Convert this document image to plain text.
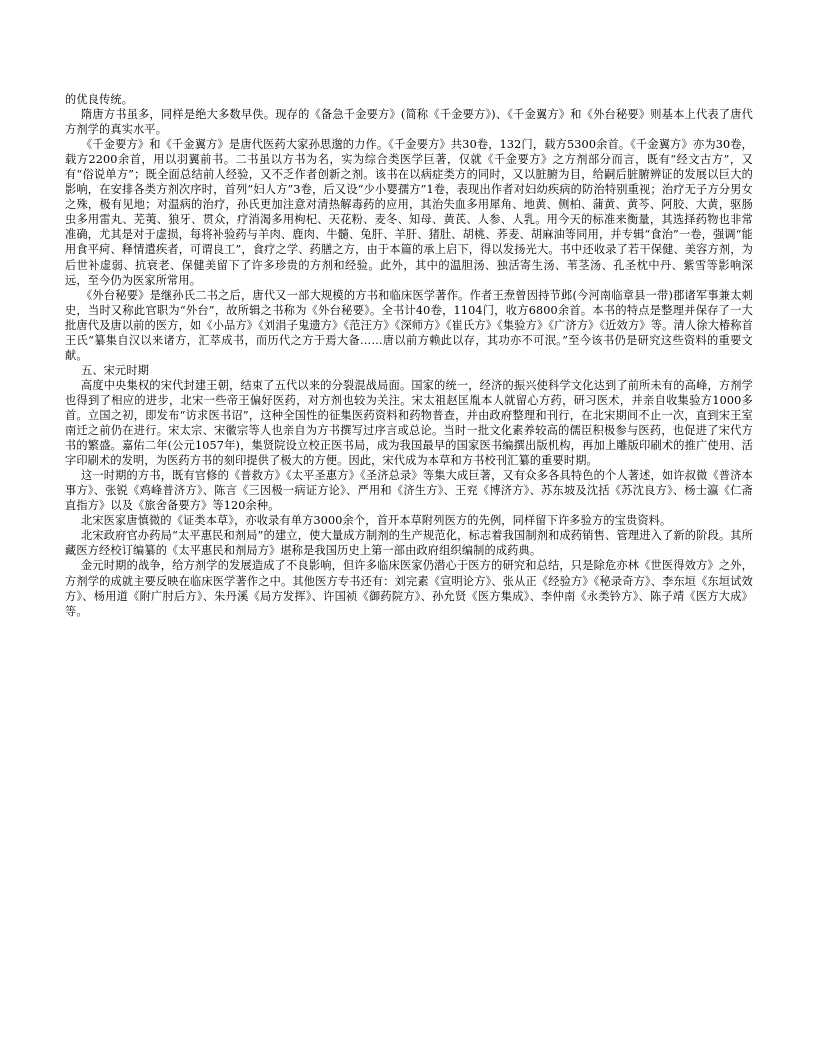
的优良传统。

隋唐方书虽多，同样是绝大多数早佚。现存的《备急千金要方》(简称《千金要方》)、《千金翼方》和《外台秘要》则基本上代表了唐代方剂学的真实水平。

《千金要方》和《千金翼方》是唐代医药大家孙思邈的力作。《千金要方》共30卷，132门，载方5300余首。《千金翼方》亦为30卷，载方2200余首，用以羽翼前书。二书虽以方书为名，实为综合类医学巨著，仅就《千金要方》之方剂部分而言，既有“经文古方”，又有“俗说单方”；既全面总结前人经验，又不乏作者创新之剂。该书在以病症类方的同时，又以脏腑为目，给嗣后脏腑辨证的发展以巨大的影响，在安排各类方剂次序时，首列“妇人方”3卷，后又设“少小婴孺方”1卷，表现出作者对妇幼疾病的防治特别重视；治疗无子方分男女之殊，极有见地；对温病的治疗，孙氏更加注意对清热解毒药的应用，其治失血多用犀角、地黄、侧柏、蒲黄、黄芩、阿胶、大黄，驱肠虫多用雷丸、芜荑、狼牙、贯众，疗消渴多用枸杞、天花粉、麦冬、知母、黄芪、人参、人乳。用今天的标准来衡量，其选择药物也非常准确，尤其是对于虚损，每将补验药与羊肉、鹿肉、牛髓、兔肝、羊肝、猪肚、胡桃、荞麦、胡麻油等同用，并专辑“食治”一卷，强调“能用食平疴、释情遣疾者，可谓良工”，食疗之学、药膳之方，由于本篇的承上启下，得以发扬光大。书中还收录了若干保健、美容方剂，为后世补虚弱、抗衰老、保健美留下了许多珍贵的方剂和经验。此外，其中的温胆汤、独活寄生汤、苇茎汤、孔圣枕中丹、紫雪等影响深远，至今仍为医家所常用。

《外台秘要》是继孙氏二书之后，唐代又一部大规模的方书和临床医学著作。作者王焘曾因持节邺(今河南临章县一带)郡诸军事兼太刺史，当时又称此官职为“外台”，故所辑之书称为《外台秘要》。全书计40卷，1104门，收方6800余首。本书的特点是整理并保存了一大批唐代及唐以前的医方，如《小品方》《刘涓子鬼遗方》《范汪方》《深师方》《崔氏方》《集验方》《广济方》《近效方》等。清人徐大椿称首王氏“纂集自汉以来诸方，汇萃成书，而历代之方于焉大备……唐以前方赖此以存，其功亦不可泯。”至今该书仍是研究这些资料的重要文献。

五、宋元时期

高度中央集权的宋代封建王朝，结束了五代以来的分裂混战局面。国家的统一，经济的振兴使科学文化达到了前所未有的高峰，方剂学也得到了相应的进步，北宋一些帝王偏好医药，对方剂也较为关注。宋太祖赵匡胤本人就留心方药，研习医术，并亲自收集验方1000多首。立国之初，即发布“访求医书诏”，这种全国性的征集医药资料和药物普查，并由政府整理和刊行，在北宋期间不止一次，直到宋王室南迁之前仍在进行。宋太宗、宋徽宗等人也亲自为方书撰写过序言或总论。当时一批文化素养较高的儒臣积极参与医药，也促进了宋代方书的繁盛。嘉佑二年(公元1057年)，集贤院设立校正医书局，成为我国最早的国家医书编撰出版机构，再加上雕版印刷术的推广使用、活字印刷术的发明，为医药方书的刻印提供了极大的方便。因此，宋代成为本草和方书校刊汇纂的重要时期。

这一时期的方书，既有官修的《普救方》《太平圣惠方》《圣济总录》等集大成巨著，又有众多各具特色的个人著述，如许叔微《普济本事方》、张锐《鸡峰普济方》、陈言《三因极一病证方论》、严用和《济生方》、王兖《博济方》、苏东坡及沈括《苏沈良方》、杨士瀛《仁斋直指方》以及《旅舍备要方》等120余种。

北宋医家唐慎微的《证类本草》，亦收录有单方3000余个，首开本草附列医方的先例，同样留下许多验方的宝贵资料。

北宋政府官办药局“太平惠民和剂局”的建立，使大量成方制剂的生产规范化，标志着我国制剂和成药销售、管理进入了新的阶段。其所藏医方经校订编纂的《太平惠民和剂局方》堪称是我国历史上第一部由政府组织编制的成药典。

金元时期的战争，给方剂学的发展造成了不良影响，但许多临床医家仍潜心于医方的研究和总结，只是除危亦林《世医得效方》之外，方剂学的成就主要反映在临床医学著作之中。其他医方专书还有：刘完素《宣明论方》、张从正《经验方》《秘录奇方》、李东垣《东垣试效方》、杨用道《附广肘后方》、朱丹溪《局方发挥》、许国祯《御药院方》、孙允贤《医方集成》、李仲南《永类钤方》、陈子靖《医方大成》等。
